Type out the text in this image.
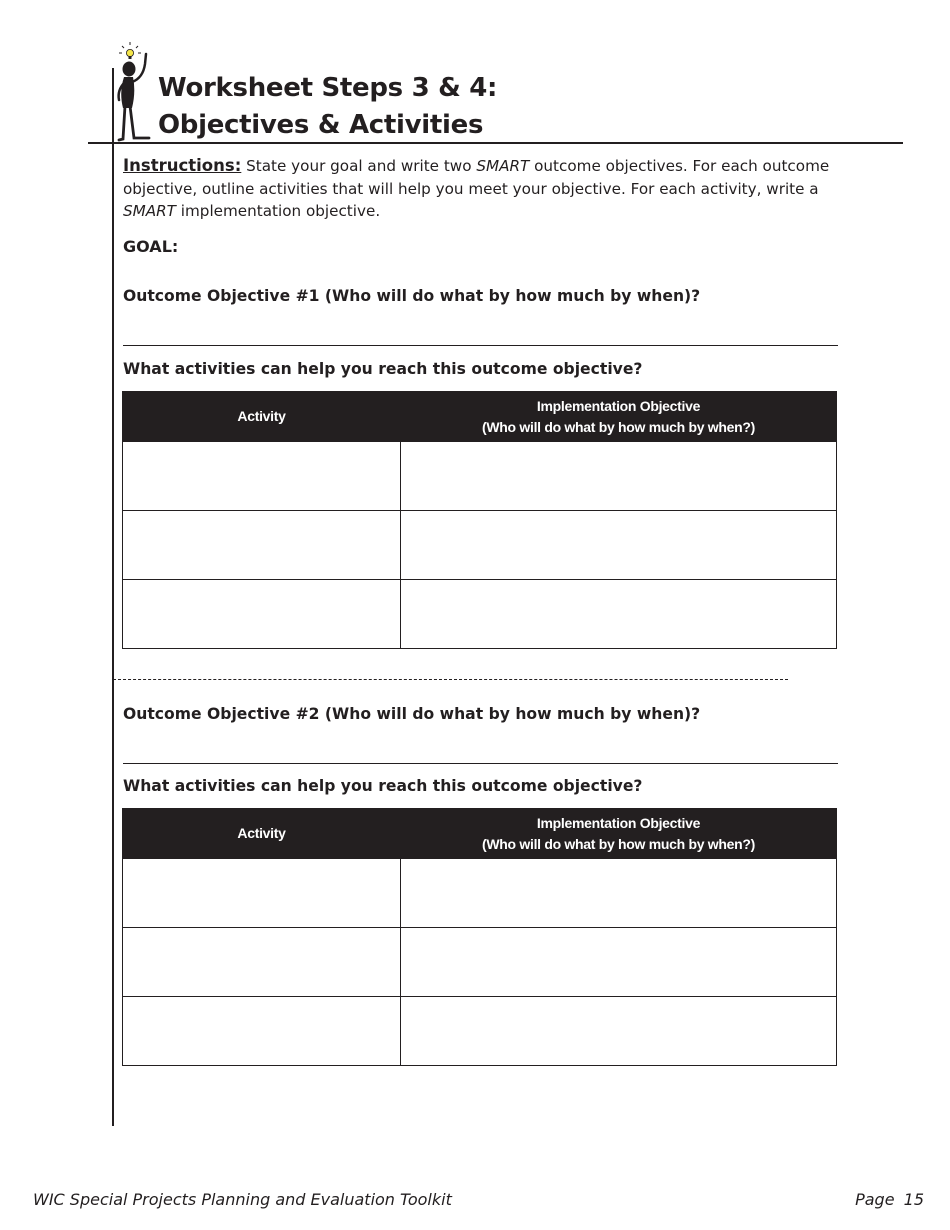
Worksheet Steps 3 & 4:
Objectives & Activities

Instructions: State your goal and write two SMART outcome objectives. For each outcome objective, outline activities that will help you meet your objective. For each activity, write a SMART implementation objective.

GOAL:

Outcome Objective #1 (Who will do what by how much by when)?

What activities can help you reach this outcome objective?

Activity	Implementation Objective
(Who will do what by how much by when?)

Outcome Objective #2 (Who will do what by how much by when)?

What activities can help you reach this outcome objective?

Activity	Implementation Objective
(Who will do what by how much by when?)

WIC Special Projects Planning and Evaluation Toolkit	Page 15
